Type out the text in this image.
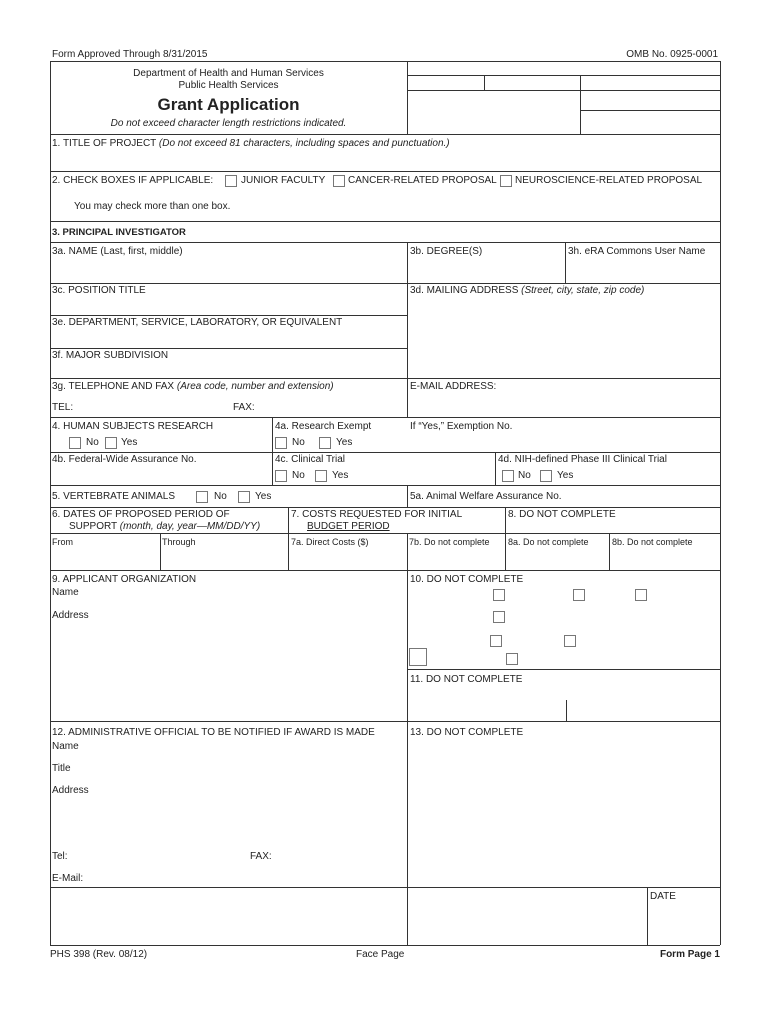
Form Approved Through 8/31/2015	OMB No. 0925-0001
Department of Health and Human Services
Public Health Services
Grant Application
Do not exceed character length restrictions indicated.
1. TITLE OF PROJECT (Do not exceed 81 characters, including spaces and punctuation.)
2. CHECK BOXES IF APPLICABLE:	JUNIOR FACULTY CANCER-RELATED PROPOSAL NEUROSCIENCE-RELATED PROPOSAL
You may check more than one box.
3. PRINCIPAL INVESTIGATOR
3a. NAME (Last, first, middle)	3b. DEGREE(S)	3h. eRA Commons User Name
3c. POSITION TITLE	3d. MAILING ADDRESS (Street, city, state, zip code)
3e. DEPARTMENT, SERVICE, LABORATORY, OR EQUIVALENT
3f. MAJOR SUBDIVISION
3g. TELEPHONE AND FAX (Area code, number and extension)
TEL:	FAX:
E-MAIL ADDRESS:
4. HUMAN SUBJECTS RESEARCH
No Yes
4a. Research Exempt
No	Yes
If “Yes,” Exemption No.
4b. Federal-Wide Assurance No.	4c. Clinical Trial
No	Yes
4d. NIH-defined Phase III Clinical Trial
No	Yes
5. VERTEBRATE ANIMALS	No	Yes	5a. Animal Welfare Assurance No.
6. DATES OF PROPOSED PERIOD OF
SUPPORT (month, day, year—MM/DD/YY)
From	Through
7. COSTS REQUESTED FOR INITIAL
BUDGET PERIOD
7a. Direct Costs ($)	7b. Do not complete
8. DO NOT COMPLETE
8a. Do not complete	8b. Do not complete
9. APPLICANT ORGANIZATION
Name
Address
10. DO NOT COMPLETE
11. DO NOT COMPLETE
12. ADMINISTRATIVE OFFICIAL TO BE NOTIFIED IF AWARD IS MADE
Name
Title
Address
Tel:	FAX:
E-Mail:
13. DO NOT COMPLETE
DATE
PHS 398 (Rev. 08/12)	Face Page	Form Page 1
